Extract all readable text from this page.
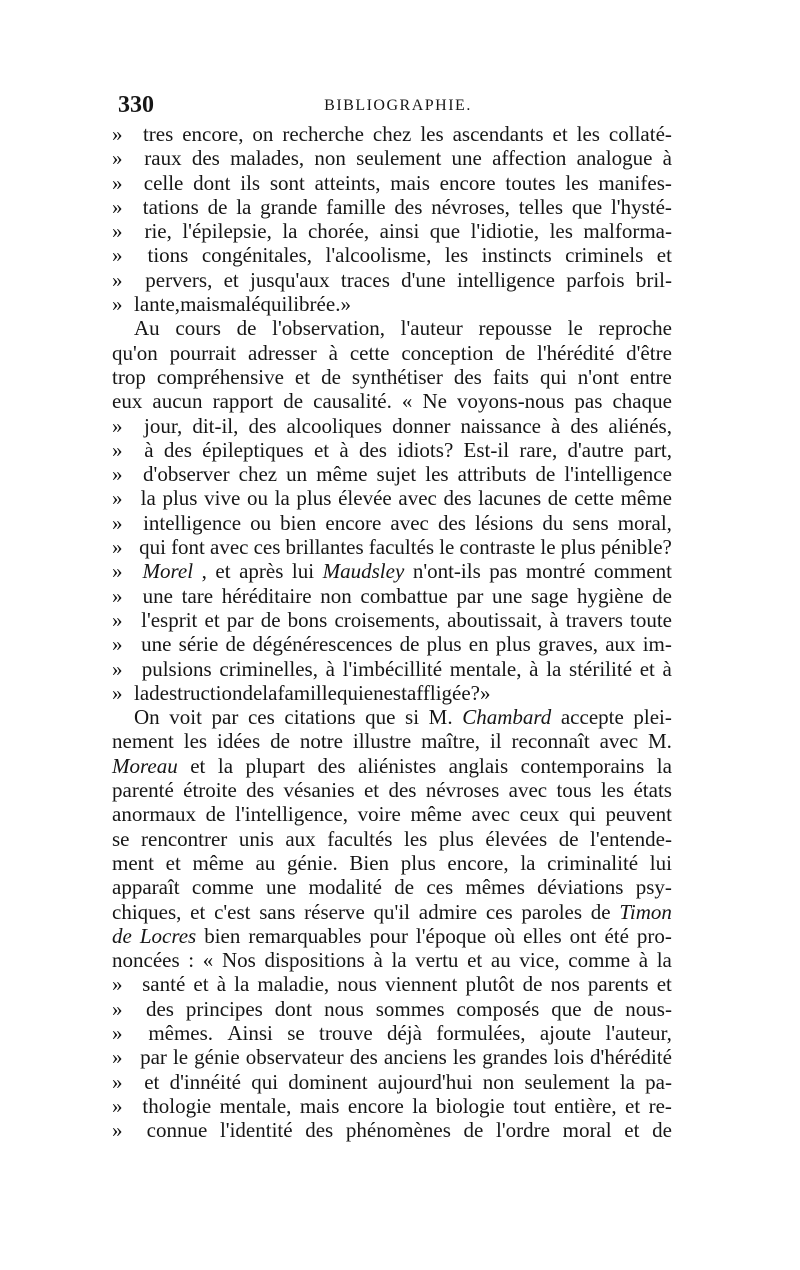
330	BIBLIOGRAPHIE.
» tres encore, on recherche chez les ascendants et les collaté-
»	raux des malades, non seulement une affection analogue à
»	celle dont ils sont atteints, mais encore toutes les manifes-
» tations de la grande famille des névroses, telles que l'hysté-
»	rie, l'épilepsie, la chorée, ainsi que l'idiotie, les malforma-
»	tions congénitales, l'alcoolisme, les instincts criminels et
»	pervers, et jusqu'aux traces d'une intelligence parfois bril-
» lante, mais mal équilibrée. »
Au cours de l'observation, l'auteur repousse le reproche
qu'on pourrait adresser à cette conception de l'hérédité d'être
trop compréhensive et de synthétiser des faits qui n'ont entre
eux aucun rapport de causalité. « Ne voyons-nous pas chaque
»	jour, dit-il, des alcooliques donner naissance à des aliénés,
»	à des épileptiques et à des idiots? Est-il rare, d'autre part,
» d'observer chez un même sujet les attributs de l'intelligence
» la plus vive ou la plus élevée avec des lacunes de cette même
» intelligence ou bien encore avec des lésions du sens moral,
» qui font avec ces brillantes facultés le contraste le plus pénible?
» Morel , et après lui Maudsley n'ont-ils pas montré comment
» une tare héréditaire non combattue par une sage hygiène de
» l'esprit et par de bons croisements, aboutissait, à travers toute
» une série de dégénérescences de plus en plus graves, aux im-
» pulsions criminelles, à l'imbécillité mentale, à la stérilité et à
» la destruction de la famille qui en est affligée? »
On voit par ces citations que si M. Chambard accepte plei-
nement les idées de notre illustre maître, il reconnaît avec M.
Moreau et la plupart des aliénistes anglais contemporains la
parenté étroite des vésanies et des névroses avec tous les états
anormaux de l'intelligence, voire même avec ceux qui peuvent
se rencontrer unis aux facultés les plus élevées de l'entende-
ment et même au génie. Bien plus encore, la criminalité lui
apparaît comme une modalité de ces mêmes déviations psy-
chiques, et c'est sans réserve qu'il admire ces paroles de Timon
de Locres bien remarquables pour l'époque où elles ont été pro-
noncées : « Nos dispositions à la vertu et au vice, comme à la
» santé et à la maladie, nous viennent plutôt de nos parents et
»	des principes dont nous sommes composés que de nous-
»	mêmes. Ainsi se trouve déjà formulées, ajoute l'auteur,
» par le génie observateur des anciens les grandes lois d'hérédité
»	et d'innéité qui dominent aujourd'hui non seulement la pa-
» thologie mentale, mais encore la biologie tout entière, et re-
»	connue l'identité des phénomènes de l'ordre moral et de
